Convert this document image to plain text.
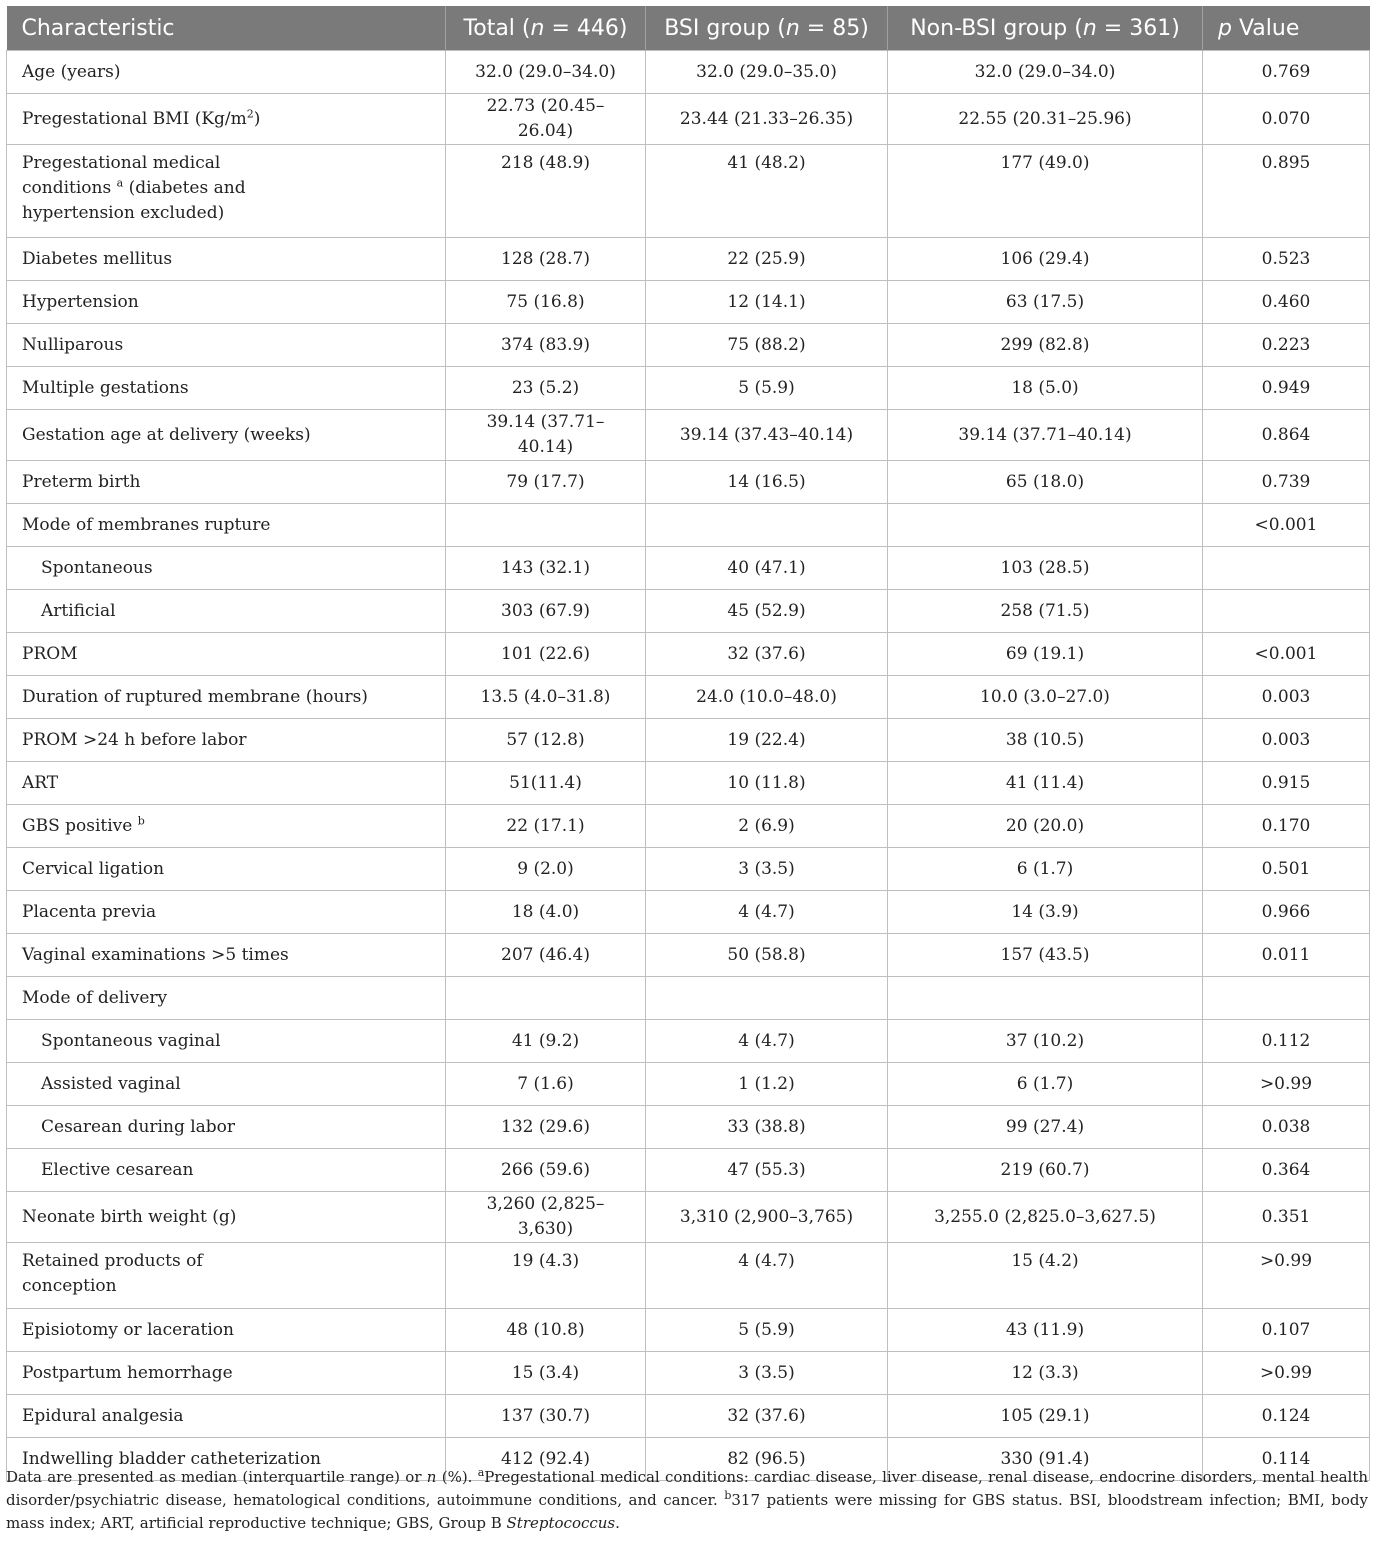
Characteristic	Total (n = 446)	BSI group (n = 85)	Non-BSI group (n = 361)	p Value
Age (years)	32.0 (29.0–34.0)	32.0 (29.0–35.0)	32.0 (29.0–34.0)	0.769
Pregestational BMI $(Kg/m^2)$	22.73 (20.45–26.04)	23.44 (21.33–26.35)	22.55 (20.31–25.96)	0.070
Pregestational medical
conditions $^a$ (diabetes and
hypertension excluded)	218 (48.9)	41 (48.2)	177 (49.0)	0.895
Diabetes mellitus	128 (28.7)	22 (25.9)	106 (29.4)	0.523
Hypertension	75 (16.8)	12 (14.1)	63 (17.5)	0.460
Nulliparous	374 (83.9)	75 (88.2)	299 (82.8)	0.223
Multiple gestations	23 (5.2)	5 (5.9)	18 (5.0)	0.949
Gestation age at delivery (weeks)	39.14 (37.71–40.14)	39.14 (37.43–40.14)	39.14 (37.71–40.14)	0.864
Preterm birth	79 (17.7)	14 (16.5)	65 (18.0)	0.739
Mode of membranes rupture				<0.001
Spontaneous	143 (32.1)	40 (47.1)	103 (28.5)	
Artificial	303 (67.9)	45 (52.9)	258 (71.5)	
PROM	101 (22.6)	32 (37.6)	69 (19.1)	<0.001
Duration of ruptured membrane (hours)	13.5 (4.0–31.8)	24.0 (10.0–48.0)	10.0 (3.0–27.0)	0.003
PROM >24 h before labor	57 (12.8)	19 (22.4)	38 (10.5)	0.003
ART	51(11.4)	10 (11.8)	41 (11.4)	0.915
GBS positive $^b$	22 (17.1)	2 (6.9)	20 (20.0)	0.170
Cervical ligation	9 (2.0)	3 (3.5)	6 (1.7)	0.501
Placenta previa	18 (4.0)	4 (4.7)	14 (3.9)	0.966
Vaginal examinations >5 times	207 (46.4)	50 (58.8)	157 (43.5)	0.011
Mode of delivery				
Spontaneous vaginal	41 (9.2)	4 (4.7)	37 (10.2)	0.112
Assisted vaginal	7 (1.6)	1 (1.2)	6 (1.7)	>0.99
Cesarean during labor	132 (29.6)	33 (38.8)	99 (27.4)	0.038
Elective cesarean	266 (59.6)	47 (55.3)	219 (60.7)	0.364
Neonate birth weight (g)	3,260 (2,825–3,630)	3,310 (2,900–3,765)	3,255.0 (2,825.0–3,627.5)	0.351
Retained products of
conception	19 (4.3)	4 (4.7)	15 (4.2)	>0.99
Episiotomy or laceration	48 (10.8)	5 (5.9)	43 (11.9)	0.107
Postpartum hemorrhage	15 (3.4)	3 (3.5)	12 (3.3)	>0.99
Epidural analgesia	137 (30.7)	32 (37.6)	105 (29.1)	0.124
Indwelling bladder catheterization	412 (92.4)	82 (96.5)	330 (91.4)	0.114

Data are presented as median (interquartile range) or n (%). $^a$Pregestational medical conditions: cardiac disease, liver disease, renal disease, endocrine disorders, mental health disorder/psychiatric disease, hematological conditions, autoimmune conditions, and cancer. $^b$317 patients were missing for GBS status. BSI, bloodstream infection; BMI, body mass index; ART, artificial reproductive technique; GBS, Group B Streptococcus.
